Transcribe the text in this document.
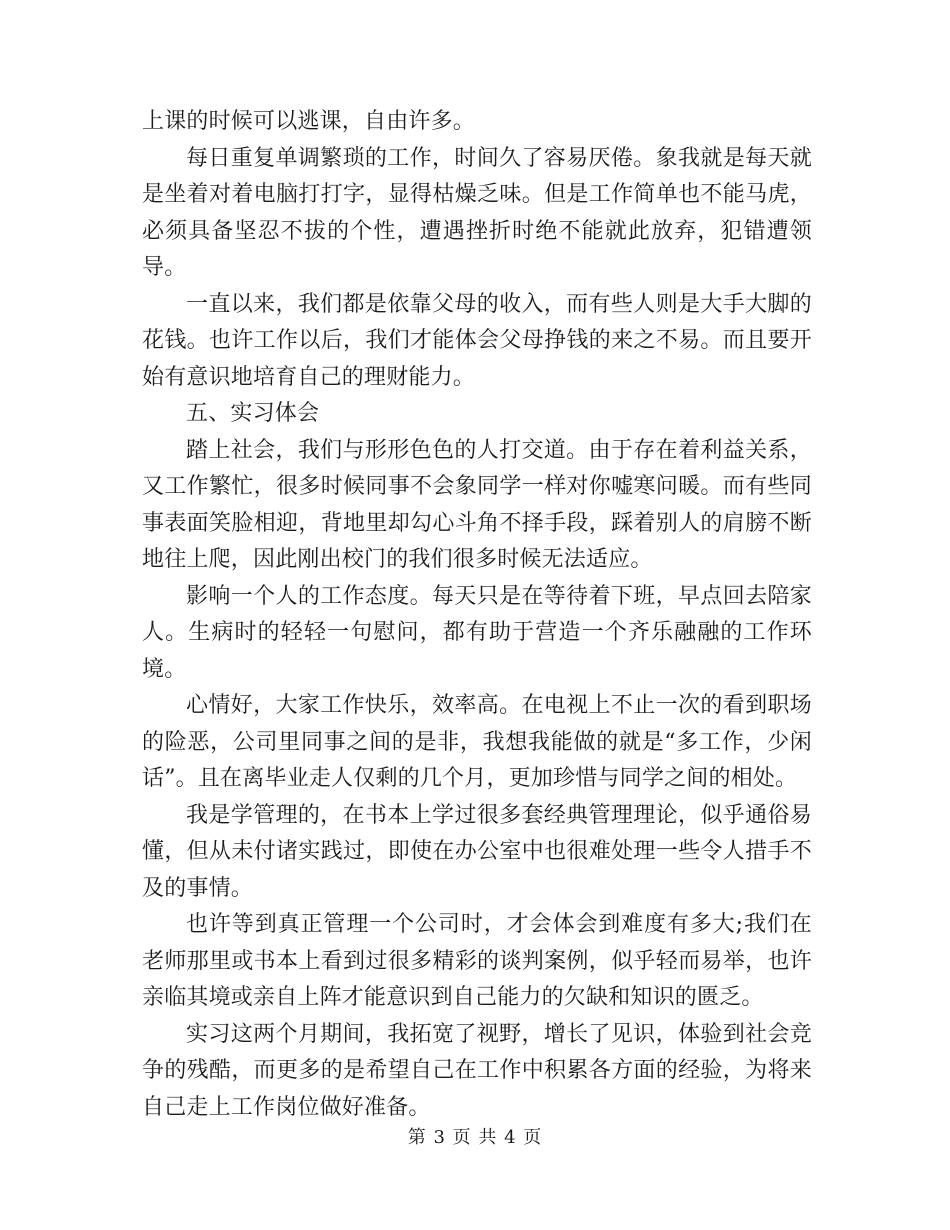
上课的时候可以逃课，自由许多。

每日重复单调繁琐的工作，时间久了容易厌倦。象我就是每天就是坐着对着电脑打打字，显得枯燥乏味。但是工作简单也不能马虎，必须具备坚忍不拔的个性，遭遇挫折时绝不能就此放弃，犯错遭领导。

一直以来，我们都是依靠父母的收入，而有些人则是大手大脚的花钱。也许工作以后，我们才能体会父母挣钱的来之不易。而且要开始有意识地培育自己的理财能力。

五、实习体会

踏上社会，我们与形形色色的人打交道。由于存在着利益关系，又工作繁忙，很多时候同事不会象同学一样对你嘘寒问暖。而有些同事表面笑脸相迎，背地里却勾心斗角不择手段，踩着别人的肩膀不断地往上爬，因此刚出校门的我们很多时候无法适应。

影响一个人的工作态度。每天只是在等待着下班，早点回去陪家人。生病时的轻轻一句慰问，都有助于营造一个齐乐融融的工作环境。

心情好，大家工作快乐，效率高。在电视上不止一次的看到职场的险恶，公司里同事之间的是非，我想我能做的就是“多工作，少闲话”。且在离毕业走人仅剩的几个月，更加珍惜与同学之间的相处。

我是学管理的，在书本上学过很多套经典管理理论，似乎通俗易懂，但从未付诸实践过，即使在办公室中也很难处理一些令人措手不及的事情。

也许等到真正管理一个公司时，才会体会到难度有多大;我们在老师那里或书本上看到过很多精彩的谈判案例，似乎轻而易举，也许亲临其境或亲自上阵才能意识到自己能力的欠缺和知识的匮乏。

实习这两个月期间，我拓宽了视野，增长了见识，体验到社会竞争的残酷，而更多的是希望自己在工作中积累各方面的经验，为将来自己走上工作岗位做好准备。

第 3 页 共 4 页
